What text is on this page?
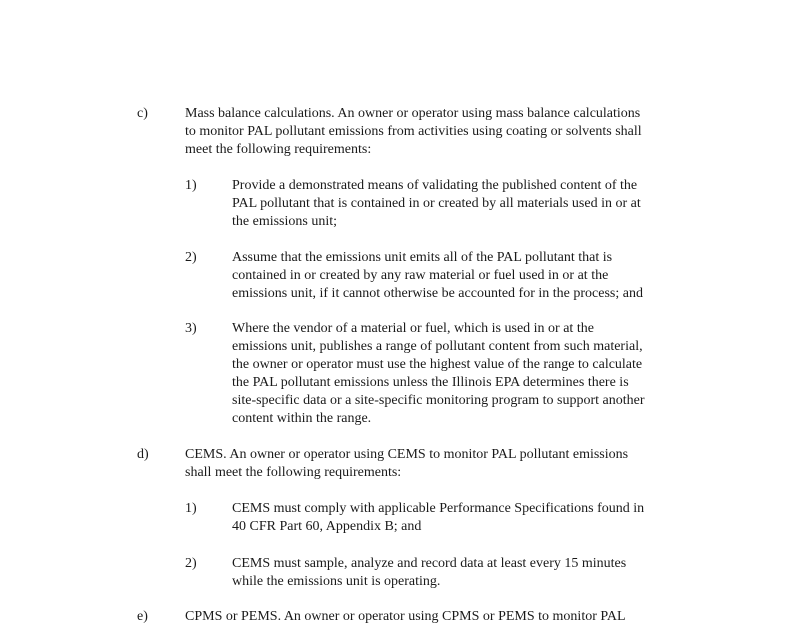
c)	Mass balance calculations. An owner or operator using mass balance calculations
to monitor PAL pollutant emissions from activities using coating or solvents shall
meet the following requirements:
1)	Provide a demonstrated means of validating the published content of the
PAL pollutant that is contained in or created by all materials used in or at
the emissions unit;
2)	Assume that the emissions unit emits all of the PAL pollutant that is
contained in or created by any raw material or fuel used in or at the
emissions unit, if it cannot otherwise be accounted for in the process; and
3)	Where the vendor of a material or fuel, which is used in or at the
emissions unit, publishes a range of pollutant content from such material,
the owner or operator must use the highest value of the range to calculate
the PAL pollutant emissions unless the Illinois EPA determines there is
site-specific data or a site-specific monitoring program to support another
content within the range.
d)	CEMS. An owner or operator using CEMS to monitor PAL pollutant emissions
shall meet the following requirements:
1)	CEMS must comply with applicable Performance Specifications found in
40 CFR Part 60, Appendix B; and
2)	CEMS must sample, analyze and record data at least every 15 minutes
while the emissions unit is operating.
e)	CPMS or PEMS. An owner or operator using CPMS or PEMS to monitor PAL
